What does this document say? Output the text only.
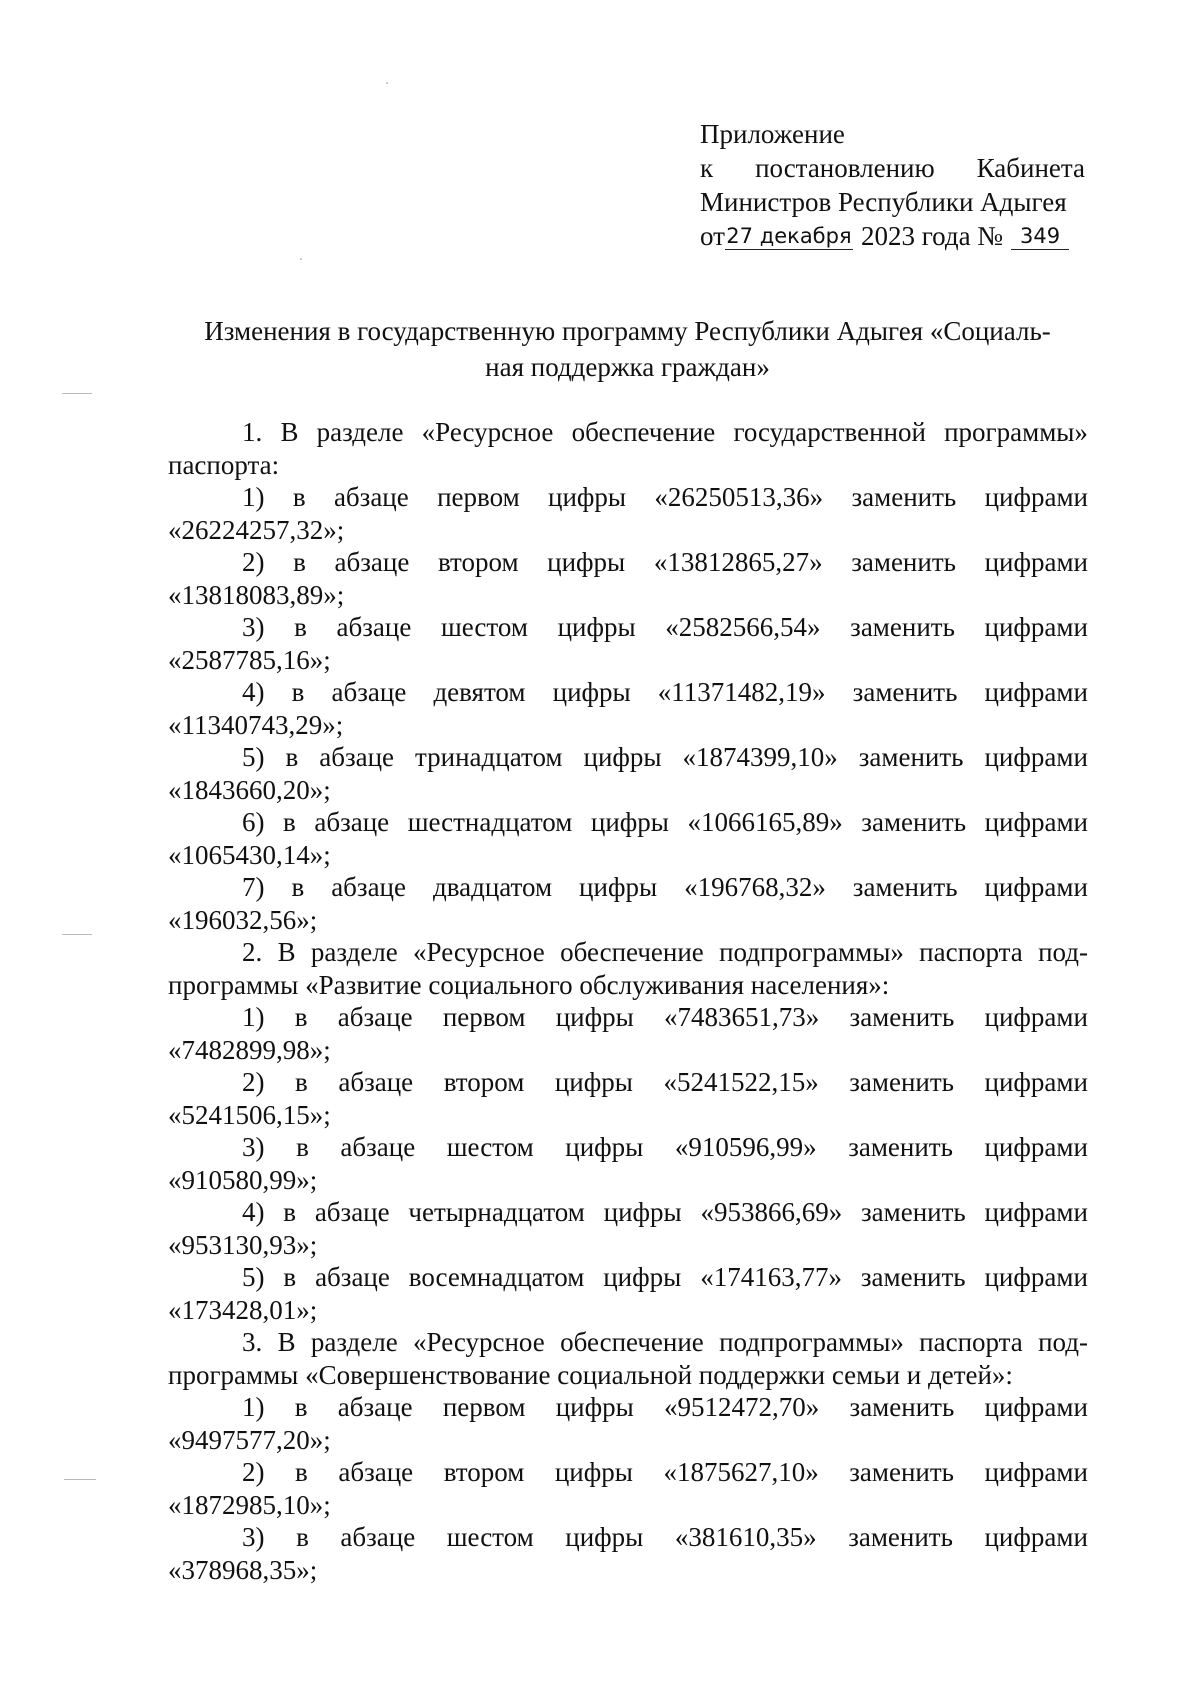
Приложение
к постановлению Кабинета
Министров Республики Адыгея
от 27 декабря 2023 года № 349
Изменения в государственную программу Республики Адыгея «Социаль-
ная поддержка граждан»
1. В разделе «Ресурсное обеспечение государственной программы»
паспорта:
1) в абзаце первом цифры «26250513,36» заменить цифрами
«26224257,32»;
2) в абзаце втором цифры «13812865,27» заменить цифрами
«13818083,89»;
3) в абзаце шестом цифры «2582566,54» заменить цифрами
«2587785,16»;
4) в абзаце девятом цифры «11371482,19» заменить цифрами
«11340743,29»;
5) в абзаце тринадцатом цифры «1874399,10» заменить цифрами
«1843660,20»;
6) в абзаце шестнадцатом цифры «1066165,89» заменить цифрами
«1065430,14»;
7) в абзаце двадцатом цифры «196768,32» заменить цифрами
«196032,56»;
2. В разделе «Ресурсное обеспечение подпрограммы» паспорта под-
программы «Развитие социального обслуживания населения»:
1) в абзаце первом цифры «7483651,73» заменить цифрами
«7482899,98»;
2) в абзаце втором цифры «5241522,15» заменить цифрами
«5241506,15»;
3) в абзаце шестом цифры «910596,99» заменить цифрами
«910580,99»;
4) в абзаце четырнадцатом цифры «953866,69» заменить цифрами
«953130,93»;
5) в абзаце восемнадцатом цифры «174163,77» заменить цифрами
«173428,01»;
3. В разделе «Ресурсное обеспечение подпрограммы» паспорта под-
программы «Совершенствование социальной поддержки семьи и детей»:
1) в абзаце первом цифры «9512472,70» заменить цифрами
«9497577,20»;
2) в абзаце втором цифры «1875627,10» заменить цифрами
«1872985,10»;
3) в абзаце шестом цифры «381610,35» заменить цифрами
«378968,35»;
